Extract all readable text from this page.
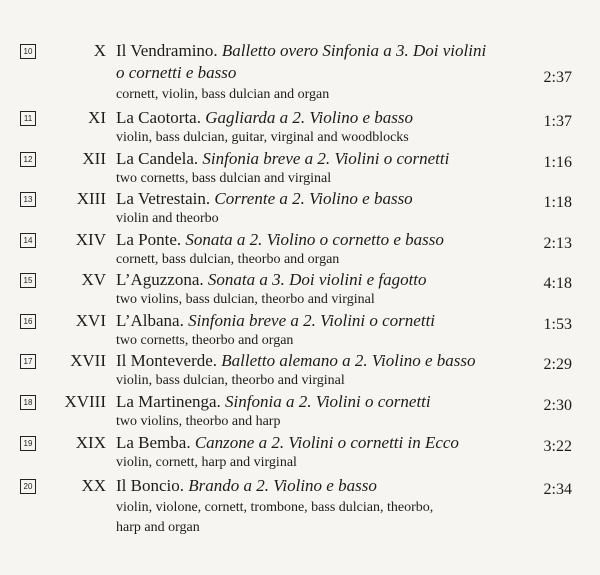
10	X Il Vendramino. Balletto overo Sinfonia a 3. Doi violini
o cornetti e basso	2:37
cornett, violin, bass dulcian and organ
11	XI La Caotorta. Gagliarda a 2. Violino e basso	1:37
violin, bass dulcian, guitar, virginal and woodblocks
12	XII La Candela. Sinfonia breve a 2. Violini o cornetti	1:16
two cornetts, bass dulcian and virginal
13	XIII La Vetrestain. Corrente a 2. Violino e basso	1:18
violin and theorbo
14	XIV La Ponte. Sonata a 2. Violino o cornetto e basso	2:13
cornett, bass dulcian, theorbo and organ
15	XV L’Aguzzona. Sonata a 3. Doi violini e fagotto	4:18
two violins, bass dulcian, theorbo and virginal
16	XVI L’Albana. Sinfonia breve a 2. Violini o cornetti	1:53
two cornetts, theorbo and organ
17	XVII Il Monteverde. Balletto alemano a 2. Violino e basso	2:29
violin, bass dulcian, theorbo and virginal
18	XVIII La Martinenga. Sinfonia a 2. Violini o cornetti	2:30
two violins, theorbo and harp
19	XIX La Bemba. Canzone a 2. Violini o cornetti in Ecco	3:22
violin, cornett, harp and virginal
20	XX Il Boncio. Brando a 2. Violino e basso	2:34
violin, violone, cornett, trombone, bass dulcian, theorbo,
harp and organ
